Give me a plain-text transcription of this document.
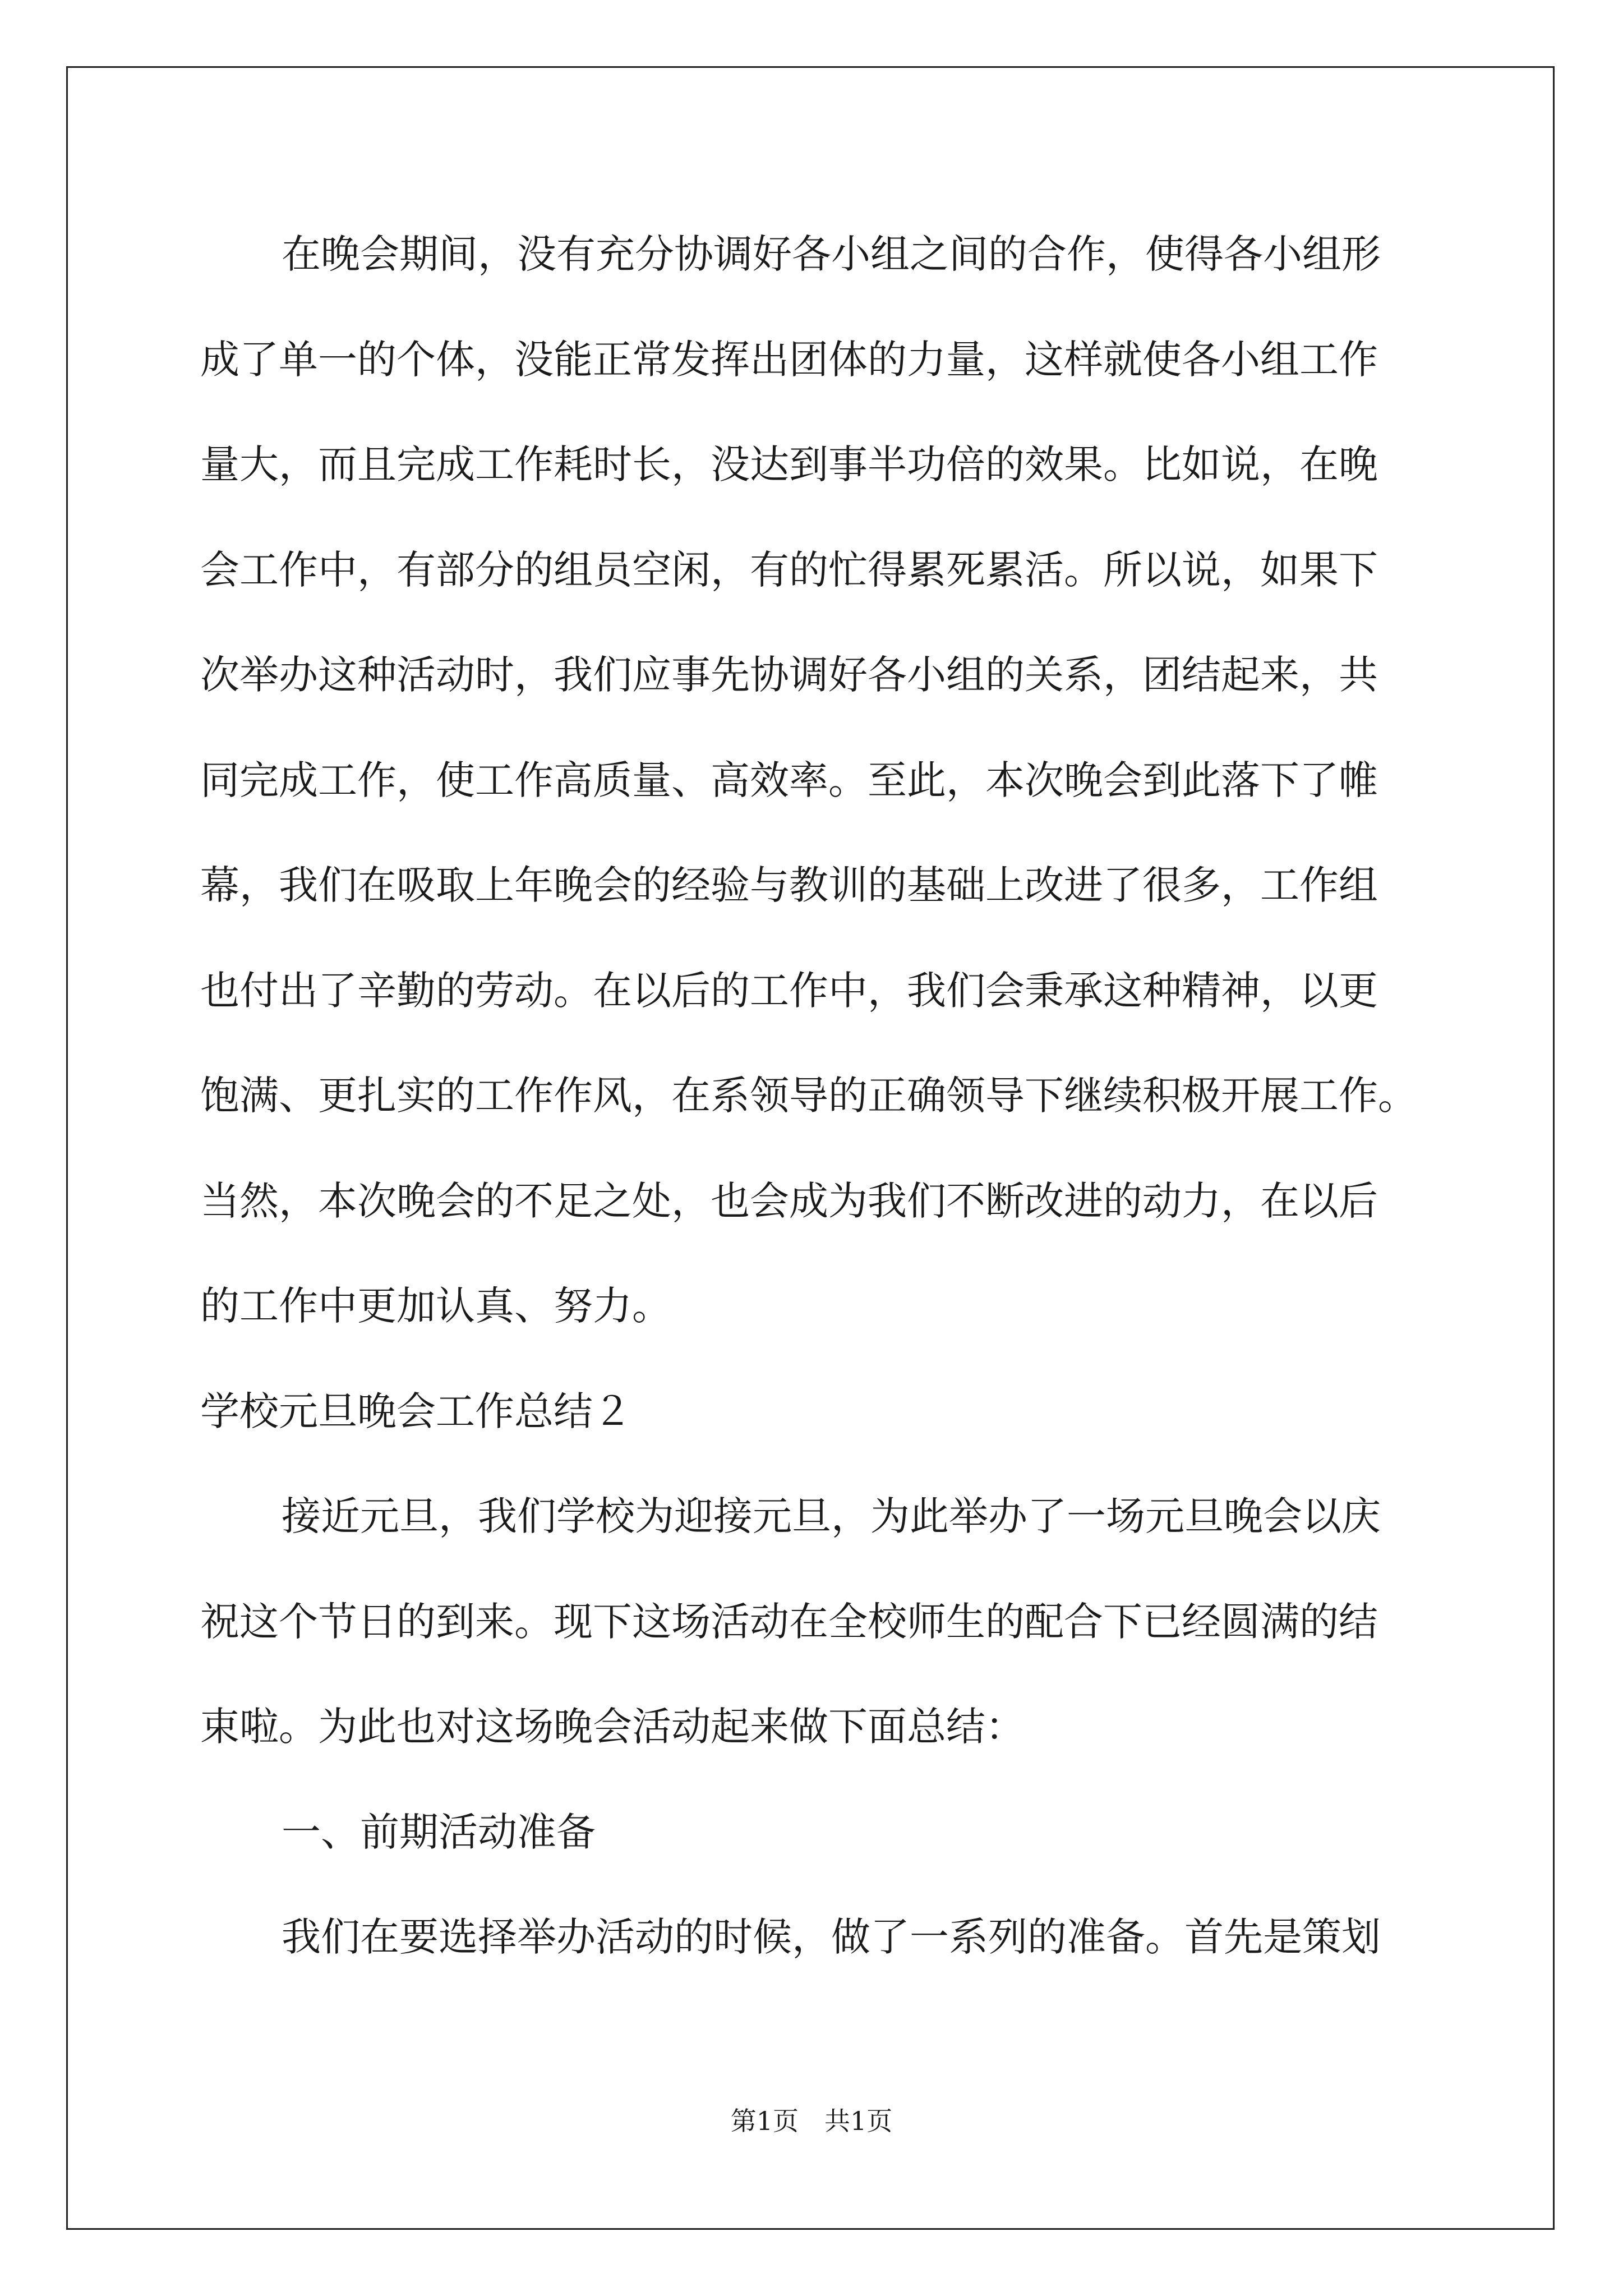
在晚会期间，没有充分协调好各小组之间的合作，使得各小组形
成了单一的个体，没能正常发挥出团体的力量，这样就使各小组工作
量大，而且完成工作耗时长，没达到事半功倍的效果。比如说，在晚
会工作中，有部分的组员空闲，有的忙得累死累活。所以说，如果下
次举办这种活动时，我们应事先协调好各小组的关系，团结起来，共
同完成工作，使工作高质量、高效率。至此，本次晚会到此落下了帷
幕，我们在吸取上年晚会的经验与教训的基础上改进了很多，工作组
也付出了辛勤的劳动。在以后的工作中，我们会秉承这种精神，以更
饱满、更扎实的工作作风，在系领导的正确领导下继续积极开展工作。
当然，本次晚会的不足之处，也会成为我们不断改进的动力，在以后
的工作中更加认真、努力。
学校元旦晚会工作总结２
接近元旦，我们学校为迎接元旦，为此举办了一场元旦晚会以庆
祝这个节日的到来。现下这场活动在全校师生的配合下已经圆满的结
束啦。为此也对这场晚会活动起来做下面总结：
一、前期活动准备
我们在要选择举办活动的时候，做了一系列的准备。首先是策划
第1页　共1页
